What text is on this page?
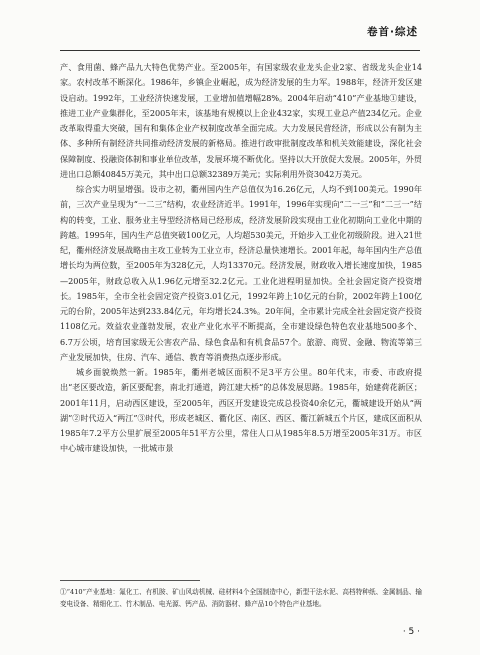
卷首·综述

产、食用菌、蜂产品九大特色优势产业。至2005年，有国家级农业龙头企业2家、省级龙头企业14家。农村改革不断深化。1986年，乡镇企业崛起，成为经济发展的生力军。1988年，经济开发区建设启动。1992年，工业经济快速发展，工业增加值增幅28%。2004年启动“410”产业基地①建设，推进工业产业集群化，至2005年末，该基地有规模以上企业432家，实现工业总产值234亿元。企业改革取得重大突破，国有和集体企业产权制度改革全面完成。大力发展民营经济，形成以公有制为主体、多种所有制经济共同推动经济发展的新格局。推进行政审批制度改革和机关效能建设，深化社会保障制度、投融资体制和事业单位改革，发展环境不断优化。坚持以大开放促大发展。2005年，外贸进出口总额40845万美元，其中出口总额32389万美元；实际利用外资3042万美元。

综合实力明显增强。设市之初，衢州国内生产总值仅为16.26亿元，人均不到100美元。1990年前，三次产业呈现为“一二三”结构，农业经济近半。1991年，1996年实现向“二一三”和“二三一”结构的转变，工业、服务业主导型经济格局已经形成，经济发展阶段实现由工业化初期向工业化中期的跨越。1995年，国内生产总值突破100亿元，人均超530美元，开始步入工业化初级阶段。进入21世纪，衢州经济发展战略由主攻工业转为工业立市，经济总量快速增长。2001年起，每年国内生产总值增长均为两位数，至2005年为328亿元，人均13370元。经济发展，财政收入增长速度加快，1985—2005年，财政总收入从1.96亿元增至32.2亿元。工业化进程明显加快。全社会固定资产投资增长。1985年，全市全社会固定资产投资3.01亿元，1992年跨上10亿元的台阶，2002年跨上100亿元的台阶，2005年达到233.84亿元，年均增长24.3%。20年间，全市累计完成全社会固定资产投资1108亿元。效益农业蓬勃发展，农业产业化水平不断提高，全市建设绿色特色农业基地500多个、6.7万公顷，培育国家级无公害农产品、绿色食品和有机食品57个。旅游、商贸、金融、物流等第三产业发展加快，住房、汽车、通信、教育等消费热点逐步形成。

城乡面貌焕然一新。1985年，衢州老城区面积不足3平方公里。80年代末，市委、市政府提出“老区要改造，新区要配套，南北打通道，跨江建大桥”的总体发展思路。1985年，始建荷花新区；2001年11月，启动西区建设，至2005年，西区开发建设完成总投资40余亿元，衢城建设开始从“两湖”②时代迈入“两江”③时代，形成老城区、衢化区、南区、西区、衢江新城五个片区，建成区面积从1985年7.2平方公里扩展至2005年51平方公里，常住人口从1985年8.5万增至2005年31万。市区中心城市建设加快，一批城市景

①“410”产业基地：氟化工、有机胺、矿山风动机械、硅材料4个全国制造中心，新型干法水泥、高档特种纸、金属制品、输变电设备、精细化工、竹木制品、电光源、钙产品、消防器材、蜂产品10个特色产业基地。
· 5 ·
